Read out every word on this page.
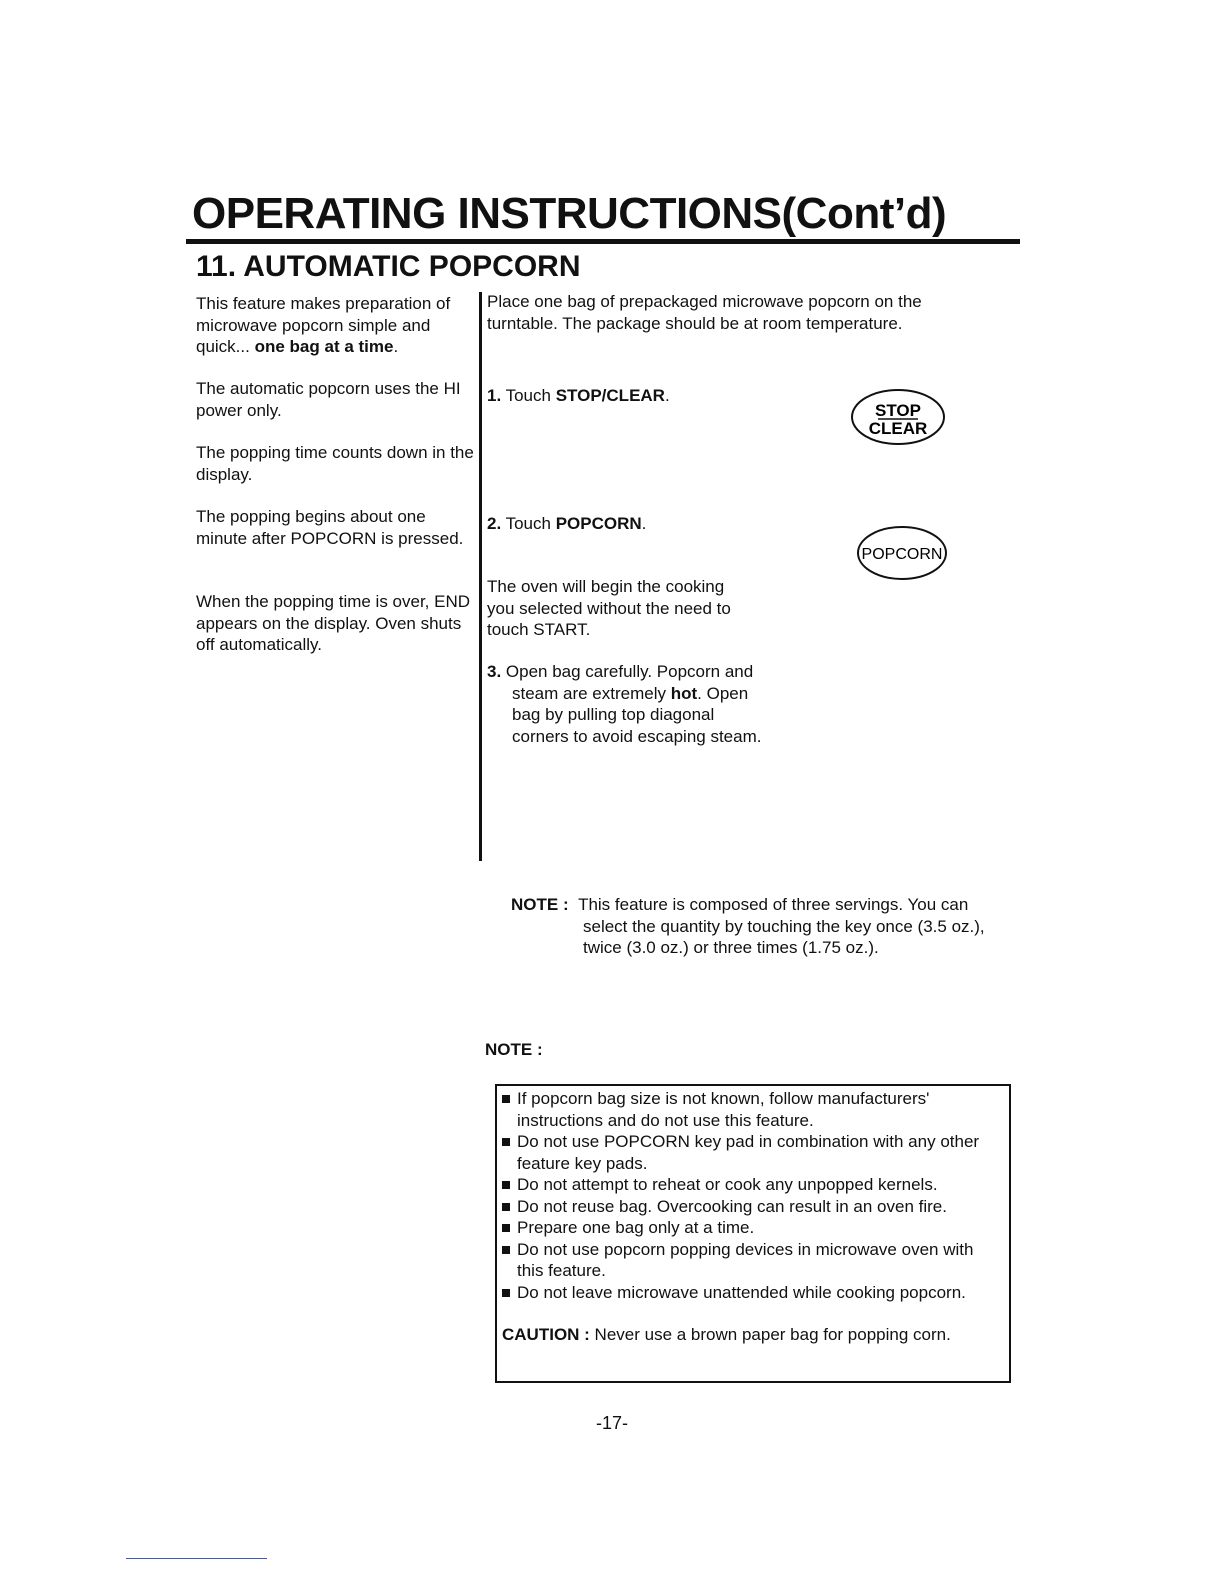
OPERATING INSTRUCTIONS(Cont’d)
11. AUTOMATIC POPCORN

This feature makes preparation of microwave popcorn simple and quick... one bag at a time.

The automatic popcorn uses the HI power only.

The popping time counts down in the display.

The popping begins about one minute after POPCORN is pressed.

When the popping time is over, END appears on the display. Oven shuts off automatically.

Place one bag of prepackaged microwave popcorn on the turntable. The package should be at room temperature.

1. Touch STOP/CLEAR.

2. Touch POPCORN.

The oven will begin the cooking you selected without the need to touch START.

3. Open bag carefully. Popcorn and steam are extremely hot. Open bag by pulling top diagonal corners to avoid escaping steam.

STOP
CLEAR
POPCORN
NOTE : This feature is composed of three servings. You can
select the quantity by touching the key once (3.5 oz.), twice (3.0 oz.) or three times (1.75 oz.).
NOTE :
If popcorn bag size is not known, follow manufacturers' instructions and do not use this feature.
Do not use POPCORN key pad in combination with any other feature key pads.
Do not attempt to reheat or cook any unpopped kernels.
Do not reuse bag. Overcooking can result in an oven fire.
Prepare one bag only at a time.
Do not use popcorn popping devices in microwave oven with this feature.
Do not leave microwave unattended while cooking popcorn.

CAUTION : Never use a brown paper bag for popping corn.

-17-
